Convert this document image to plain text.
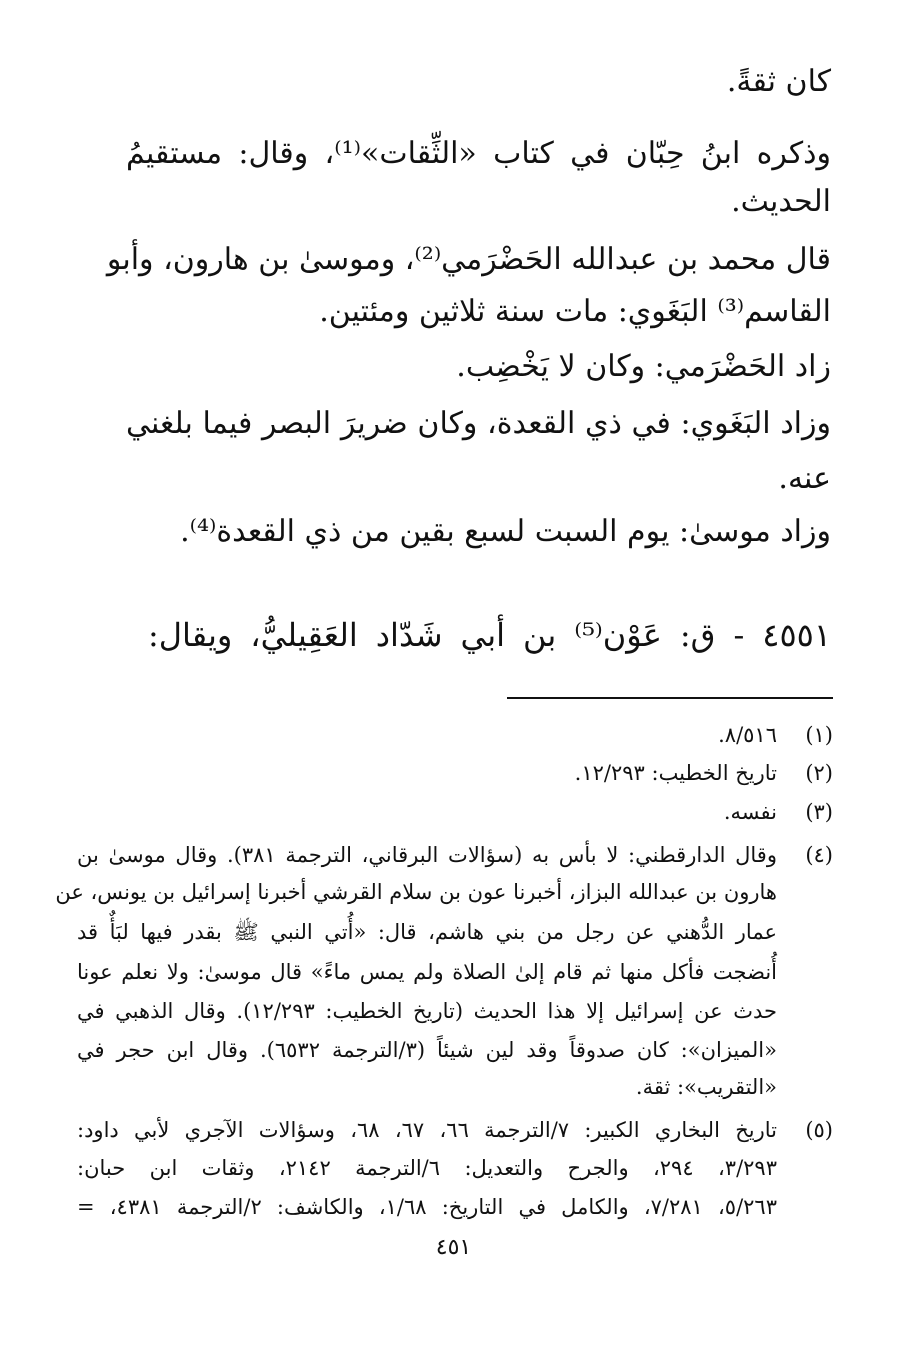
كان ثقةً.
وذكره ابنُ حِبّان في كتاب «الثِّقات»⁽¹⁾، وقال: مستقيمُ
الحديث.
قال محمد بن عبدالله الحَضْرَمي⁽²⁾، وموسىٰ بن هارون، وأبو
القاسم⁽³⁾ البَغَوي: مات سنة ثلاثين ومئتين.
زاد الحَضْرَمي: وكان لا يَخْضِب.
وزاد البَغَوي: في ذي القعدة، وكان ضريرَ البصر فيما بلغني
عنه.
وزاد موسىٰ: يوم السبت لسبع بقين من ذي القعدة⁽⁴⁾.
٤٥٥١ - ق: عَوْن⁽⁵⁾ بن أبي شَدّاد العَقِيليُّ، ويقال:
(١)
٨/٥١٦.
(٢)
تاريخ الخطيب: ١٢/٢٩٣.
(٣)
نفسه.
(٤)
وقال الدارقطني: لا بأس به (سؤالات البرقاني، الترجمة ٣٨١). وقال موسىٰ بن
هارون بن عبدالله البزاز، أخبرنا عون بن سلام القرشي أخبرنا إسرائيل بن يونس، عن
عمار الدُّهني عن رجل من بني هاشم، قال: «أُتي النبي ﷺ بقدر فيها لبَأٌ قد
أُنضجت فأكل منها ثم قام إلىٰ الصلاة ولم يمس ماءً» قال موسىٰ: ولا نعلم عونا
حدث عن إسرائيل إلا هذا الحديث (تاريخ الخطيب: ١٢/٢٩٣). وقال الذهبي في
«الميزان»: كان صدوقاً وقد لين شيئاً (٣/الترجمة ٦٥٣٢). وقال ابن حجر في
«التقريب»: ثقة.
(٥)
تاريخ البخاري الكبير: ٧/الترجمة ٦٦، ٦٧، ٦٨، وسؤالات الآجري لأبي داود:
٣/٢٩٣، ٢٩٤، والجرح والتعديل: ٦/الترجمة ٢١٤٢، وثقات ابن حبان:
٥/٢٦٣، ٧/٢٨١، والكامل في التاريخ: ١/٦٨، والكاشف: ٢/الترجمة ٤٣٨١، =
٤٥١
